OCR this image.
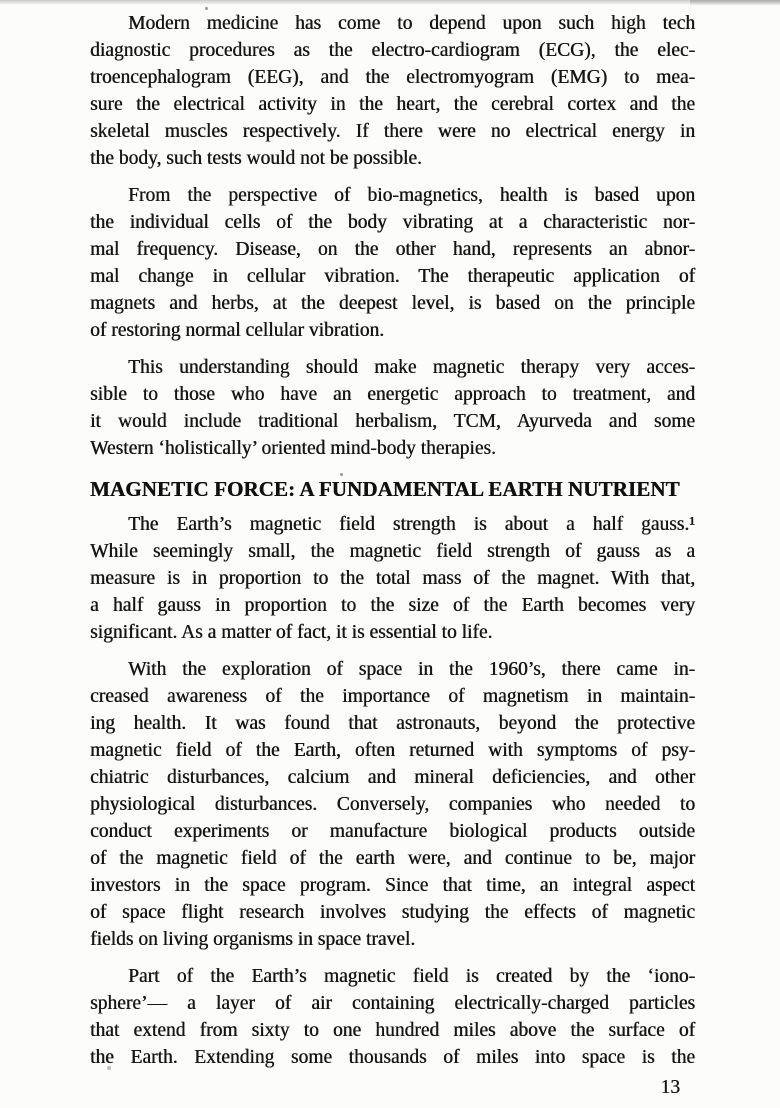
Modern medicine has come to depend upon such high tech
diagnostic procedures as the electro-cardiogram (ECG), the elec-
troencephalogram (EEG), and the electromyogram (EMG) to mea-
sure the electrical activity in the heart, the cerebral cortex and the
skeletal muscles respectively. If there were no electrical energy in
the body, such tests would not be possible.
From the perspective of bio-magnetics, health is based upon
the individual cells of the body vibrating at a characteristic nor-
mal frequency. Disease, on the other hand, represents an abnor-
mal change in cellular vibration. The therapeutic application of
magnets and herbs, at the deepest level, is based on the principle
of restoring normal cellular vibration.
This understanding should make magnetic therapy very acces-
sible to those who have an energetic approach to treatment, and
it would include traditional herbalism, TCM, Ayurveda and some
Western ‘holistically’ oriented mind-body therapies.
MAGNETIC FORCE: A FUNDAMENTAL EARTH NUTRIENT
The Earth’s magnetic field strength is about a half gauss.¹
While seemingly small, the magnetic field strength of gauss as a
measure is in proportion to the total mass of the magnet. With that,
a half gauss in proportion to the size of the Earth becomes very
significant. As a matter of fact, it is essential to life.
With the exploration of space in the 1960’s, there came in-
creased awareness of the importance of magnetism in maintain-
ing health. It was found that astronauts, beyond the protective
magnetic field of the Earth, often returned with symptoms of psy-
chiatric disturbances, calcium and mineral deficiencies, and other
physiological disturbances. Conversely, companies who needed to
conduct experiments or manufacture biological products outside
of the magnetic field of the earth were, and continue to be, major
investors in the space program. Since that time, an integral aspect
of space flight research involves studying the effects of magnetic
fields on living organisms in space travel.
Part of the Earth’s magnetic field is created by the ‘iono-
sphere’— a layer of air containing electrically-charged particles
that extend from sixty to one hundred miles above the surface of
the Earth. Extending some thousands of miles into space is the
13
